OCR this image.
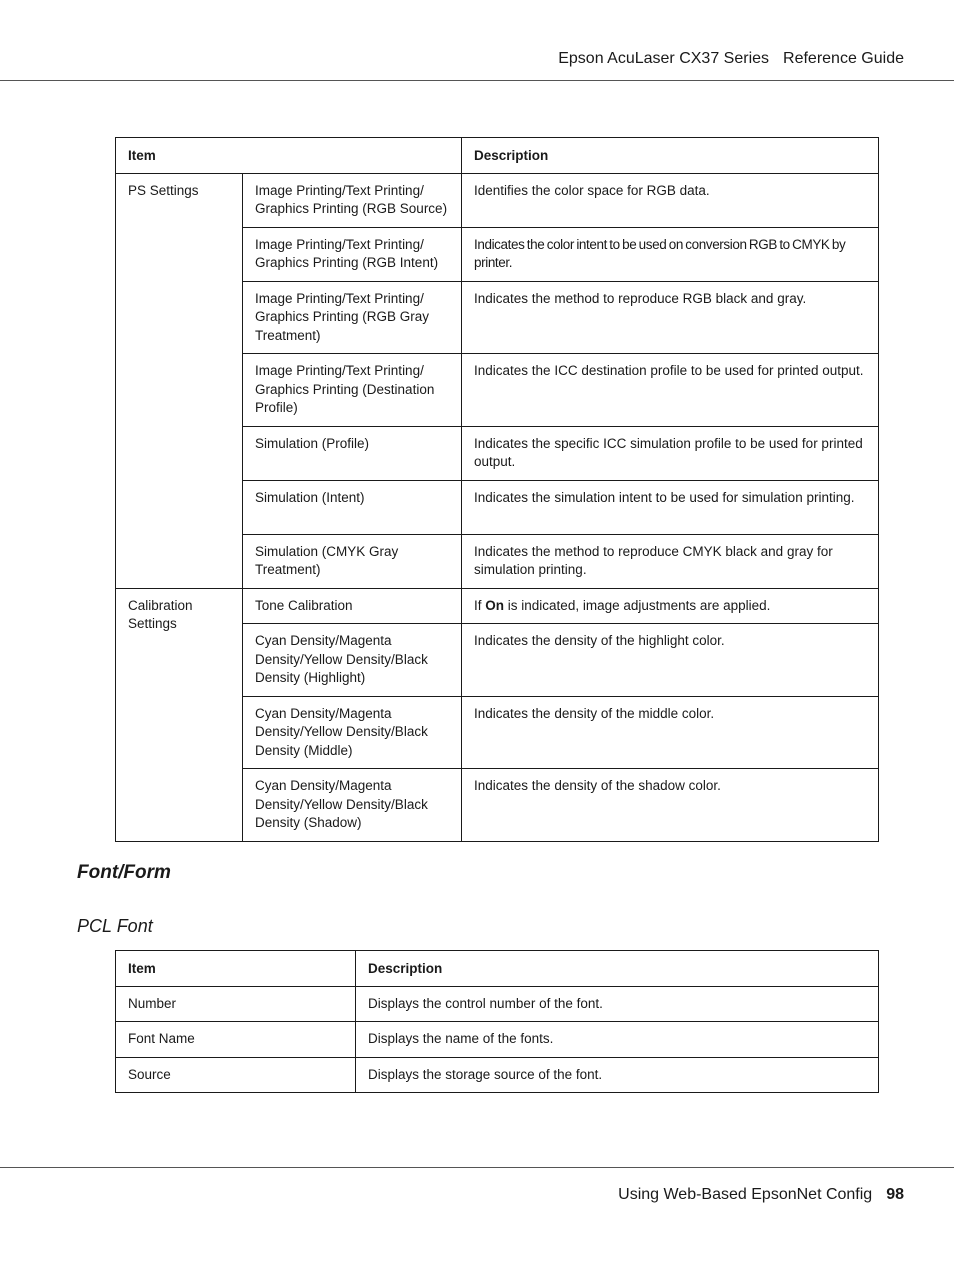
Epson AcuLaser CX37 Series Reference Guide
Item		Description
PS Settings	Image Printing/Text Printing/ Graphics Printing (RGB Source)	Identifies the color space for RGB data.
	Image Printing/Text Printing/ Graphics Printing (RGB Intent)	Indicates the color intent to be used on conversion RGB to CMYK by printer.
	Image Printing/Text Printing/ Graphics Printing (RGB Gray Treatment)	Indicates the method to reproduce RGB black and gray.
	Image Printing/Text Printing/ Graphics Printing (Destination Profile)	Indicates the ICC destination profile to be used for printed output.
	Simulation (Profile)	Indicates the specific ICC simulation profile to be used for printed output.
	Simulation (Intent)	Indicates the simulation intent to be used for simulation printing.
	Simulation (CMYK Gray Treatment)	Indicates the method to reproduce CMYK black and gray for simulation printing.
Calibration Settings	Tone Calibration	If On is indicated, image adjustments are applied.
	Cyan Density/Magenta Density/Yellow Density/Black Density (Highlight)	Indicates the density of the highlight color.
	Cyan Density/Magenta Density/Yellow Density/Black Density (Middle)	Indicates the density of the middle color.
	Cyan Density/Magenta Density/Yellow Density/Black Density (Shadow)	Indicates the density of the shadow color.
Font/Form
PCL Font
Item	Description
Number	Displays the control number of the font.
Font Name	Displays the name of the fonts.
Source	Displays the storage source of the font.
Using Web-Based EpsonNet Config 98
